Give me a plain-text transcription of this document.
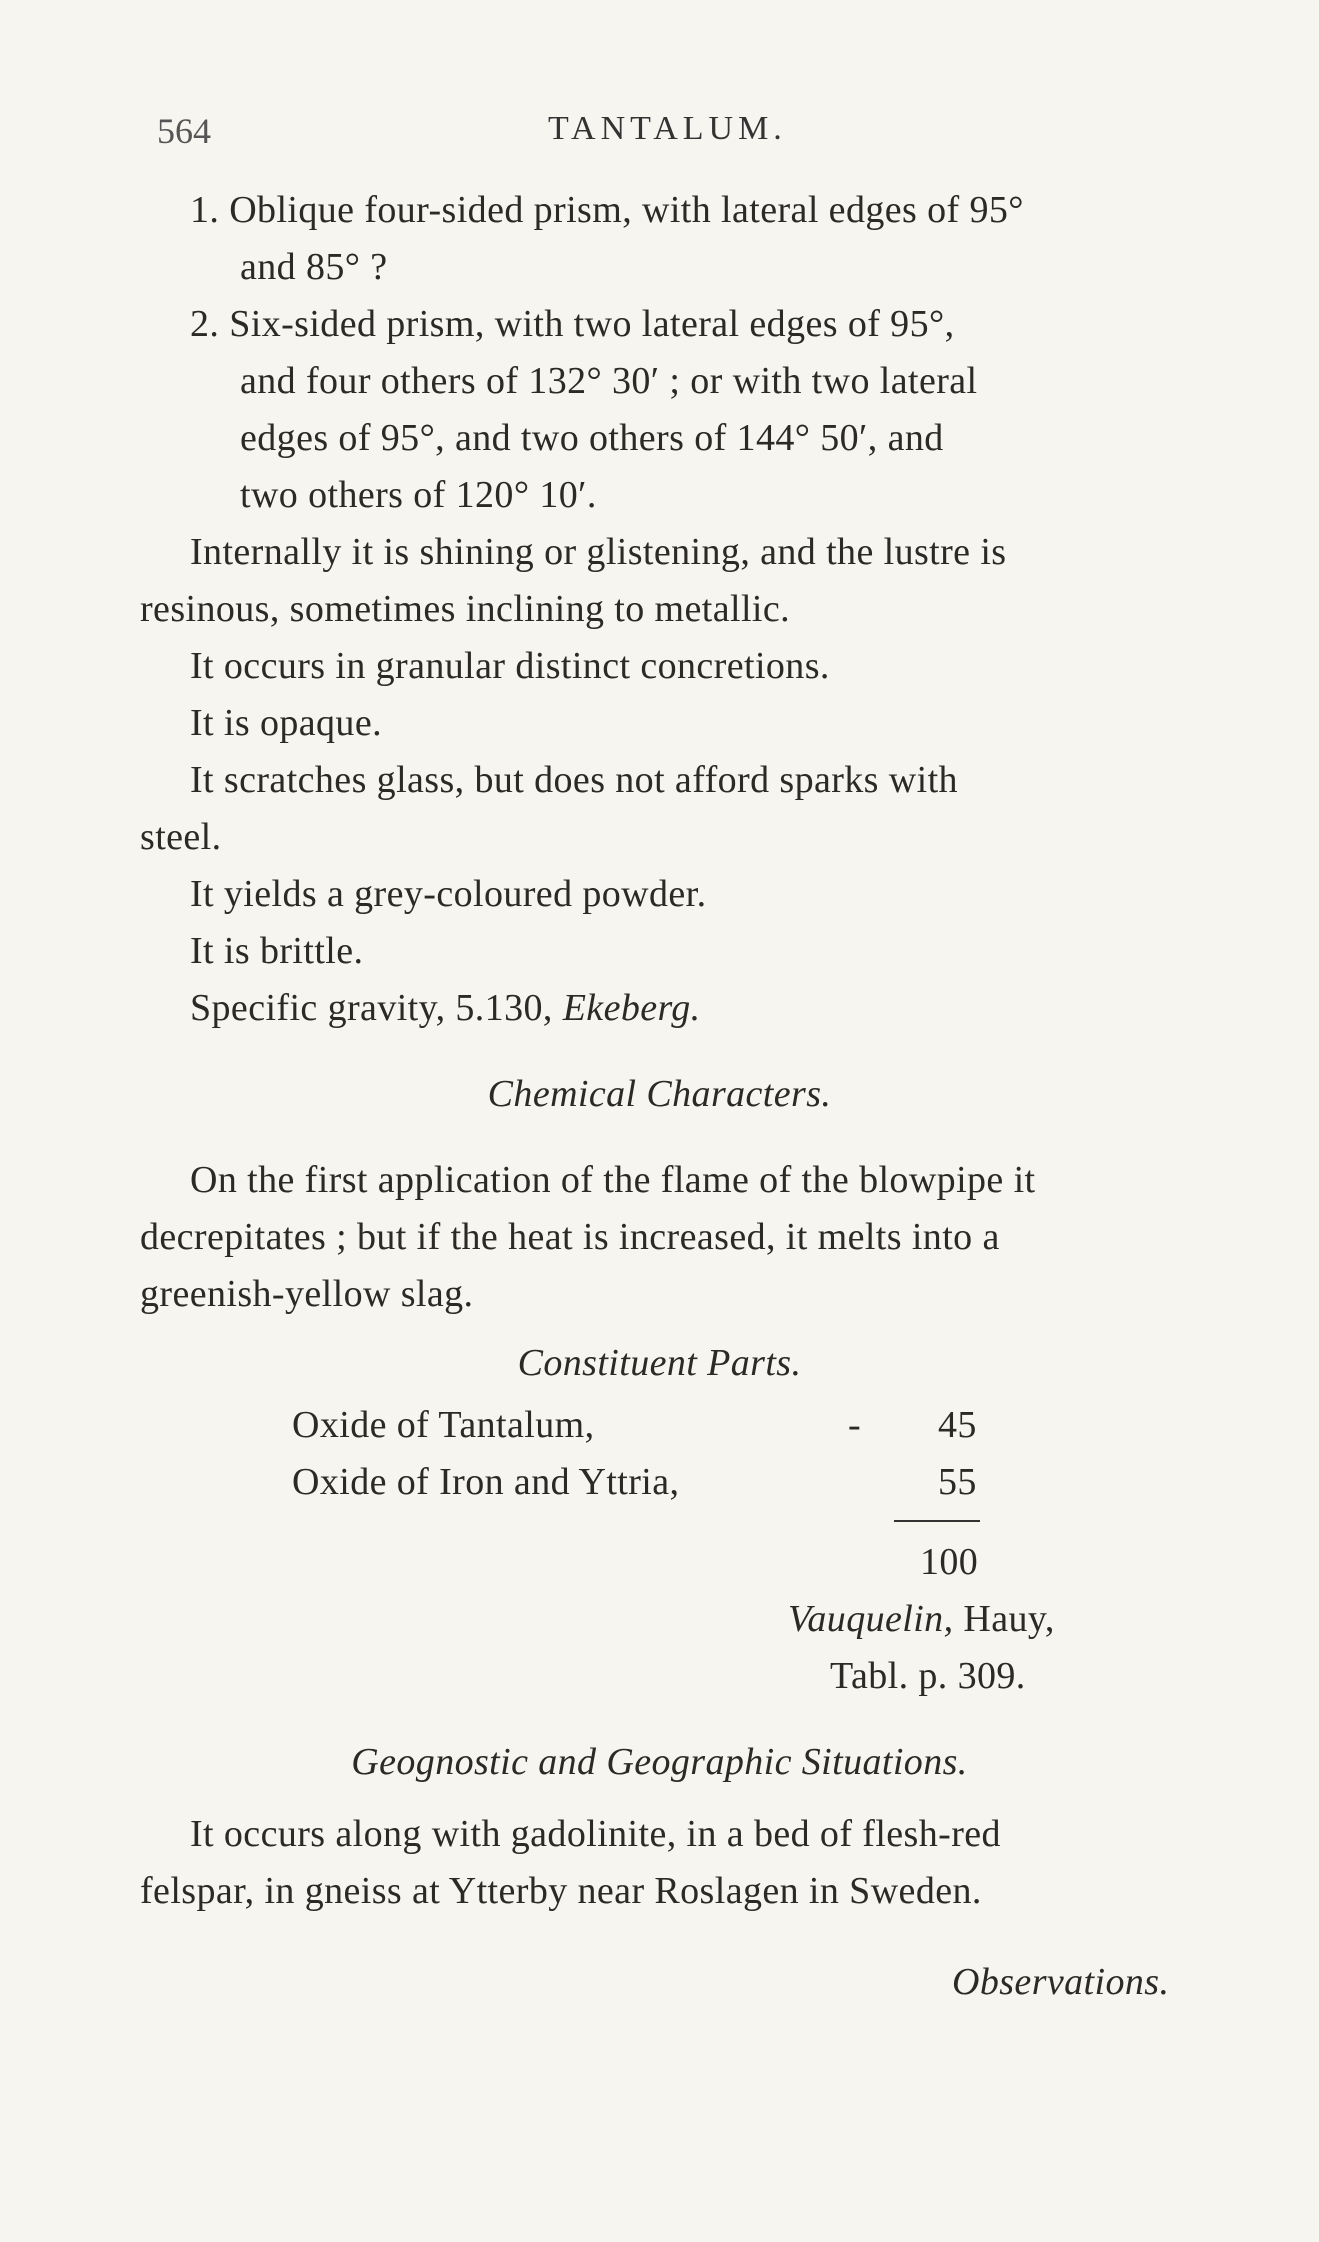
564	TANTALUM.
1. Oblique four-sided prism, with lateral edges of 95°
and 85° ?
2. Six-sided prism, with two lateral edges of 95°,
and four others of 132° 30′ ; or with two lateral
edges of 95°, and two others of 144° 50′, and
two others of 120° 10′.
Internally it is shining or glistening, and the lustre is
resinous, sometimes inclining to metallic.
It occurs in granular distinct concretions.
It is opaque.
It scratches glass, but does not afford sparks with
steel.
It yields a grey-coloured powder.
It is brittle.
Specific gravity, 5.130, Ekeberg.
Chemical Characters.
On the first application of the flame of the blowpipe it
decrepitates ; but if the heat is increased, it melts into a
greenish-yellow slag.
Constituent Parts.
Oxide of Tantalum,	- 45
Oxide of Iron and Yttria,	55
100
Vauquelin, Hauy,
Tabl. p. 309.
Geognostic and Geographic Situations.
It occurs along with gadolinite, in a bed of flesh-red
felspar, in gneiss at Ytterby near Roslagen in Sweden.
Observations.
